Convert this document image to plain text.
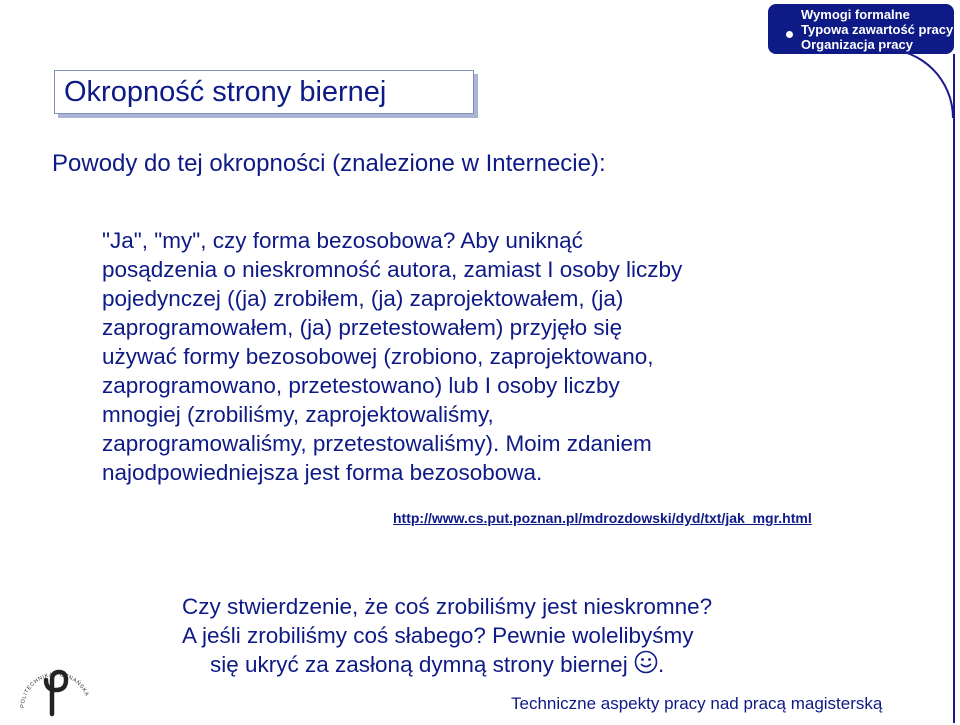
Wymogi formalne
Typowa zawartość pracy
Organizacja pracy
Okropność strony biernej
Powody do tej okropności (znalezione w Internecie):
"Ja", "my", czy forma bezosobowa? Aby uniknąć
posądzenia o nieskromność autora, zamiast I osoby liczby
pojedynczej ((ja) zrobiłem, (ja) zaprojektowałem, (ja)
zaprogramowałem, (ja) przetestowałem) przyjęło się
używać formy bezosobowej (zrobiono, zaprojektowano,
zaprogramowano, przetestowano) lub I osoby liczby
mnogiej (zrobiliśmy, zaprojektowaliśmy,
zaprogramowaliśmy, przetestowaliśmy). Moim zdaniem
najodpowiedniejsza jest forma bezosobowa.
http://www.cs.put.poznan.pl/mdrozdowski/dyd/txt/jak_mgr.html
Czy stwierdzenie, że coś zrobiliśmy jest nieskromne?
A jeśli zrobiliśmy coś słabego? Pewnie wolelibyśmy
się ukryć za zasłoną dymną strony biernej .
POLITECHNIKA POZNAŃSKA	Techniczne aspekty pracy nad pracą magisterską
